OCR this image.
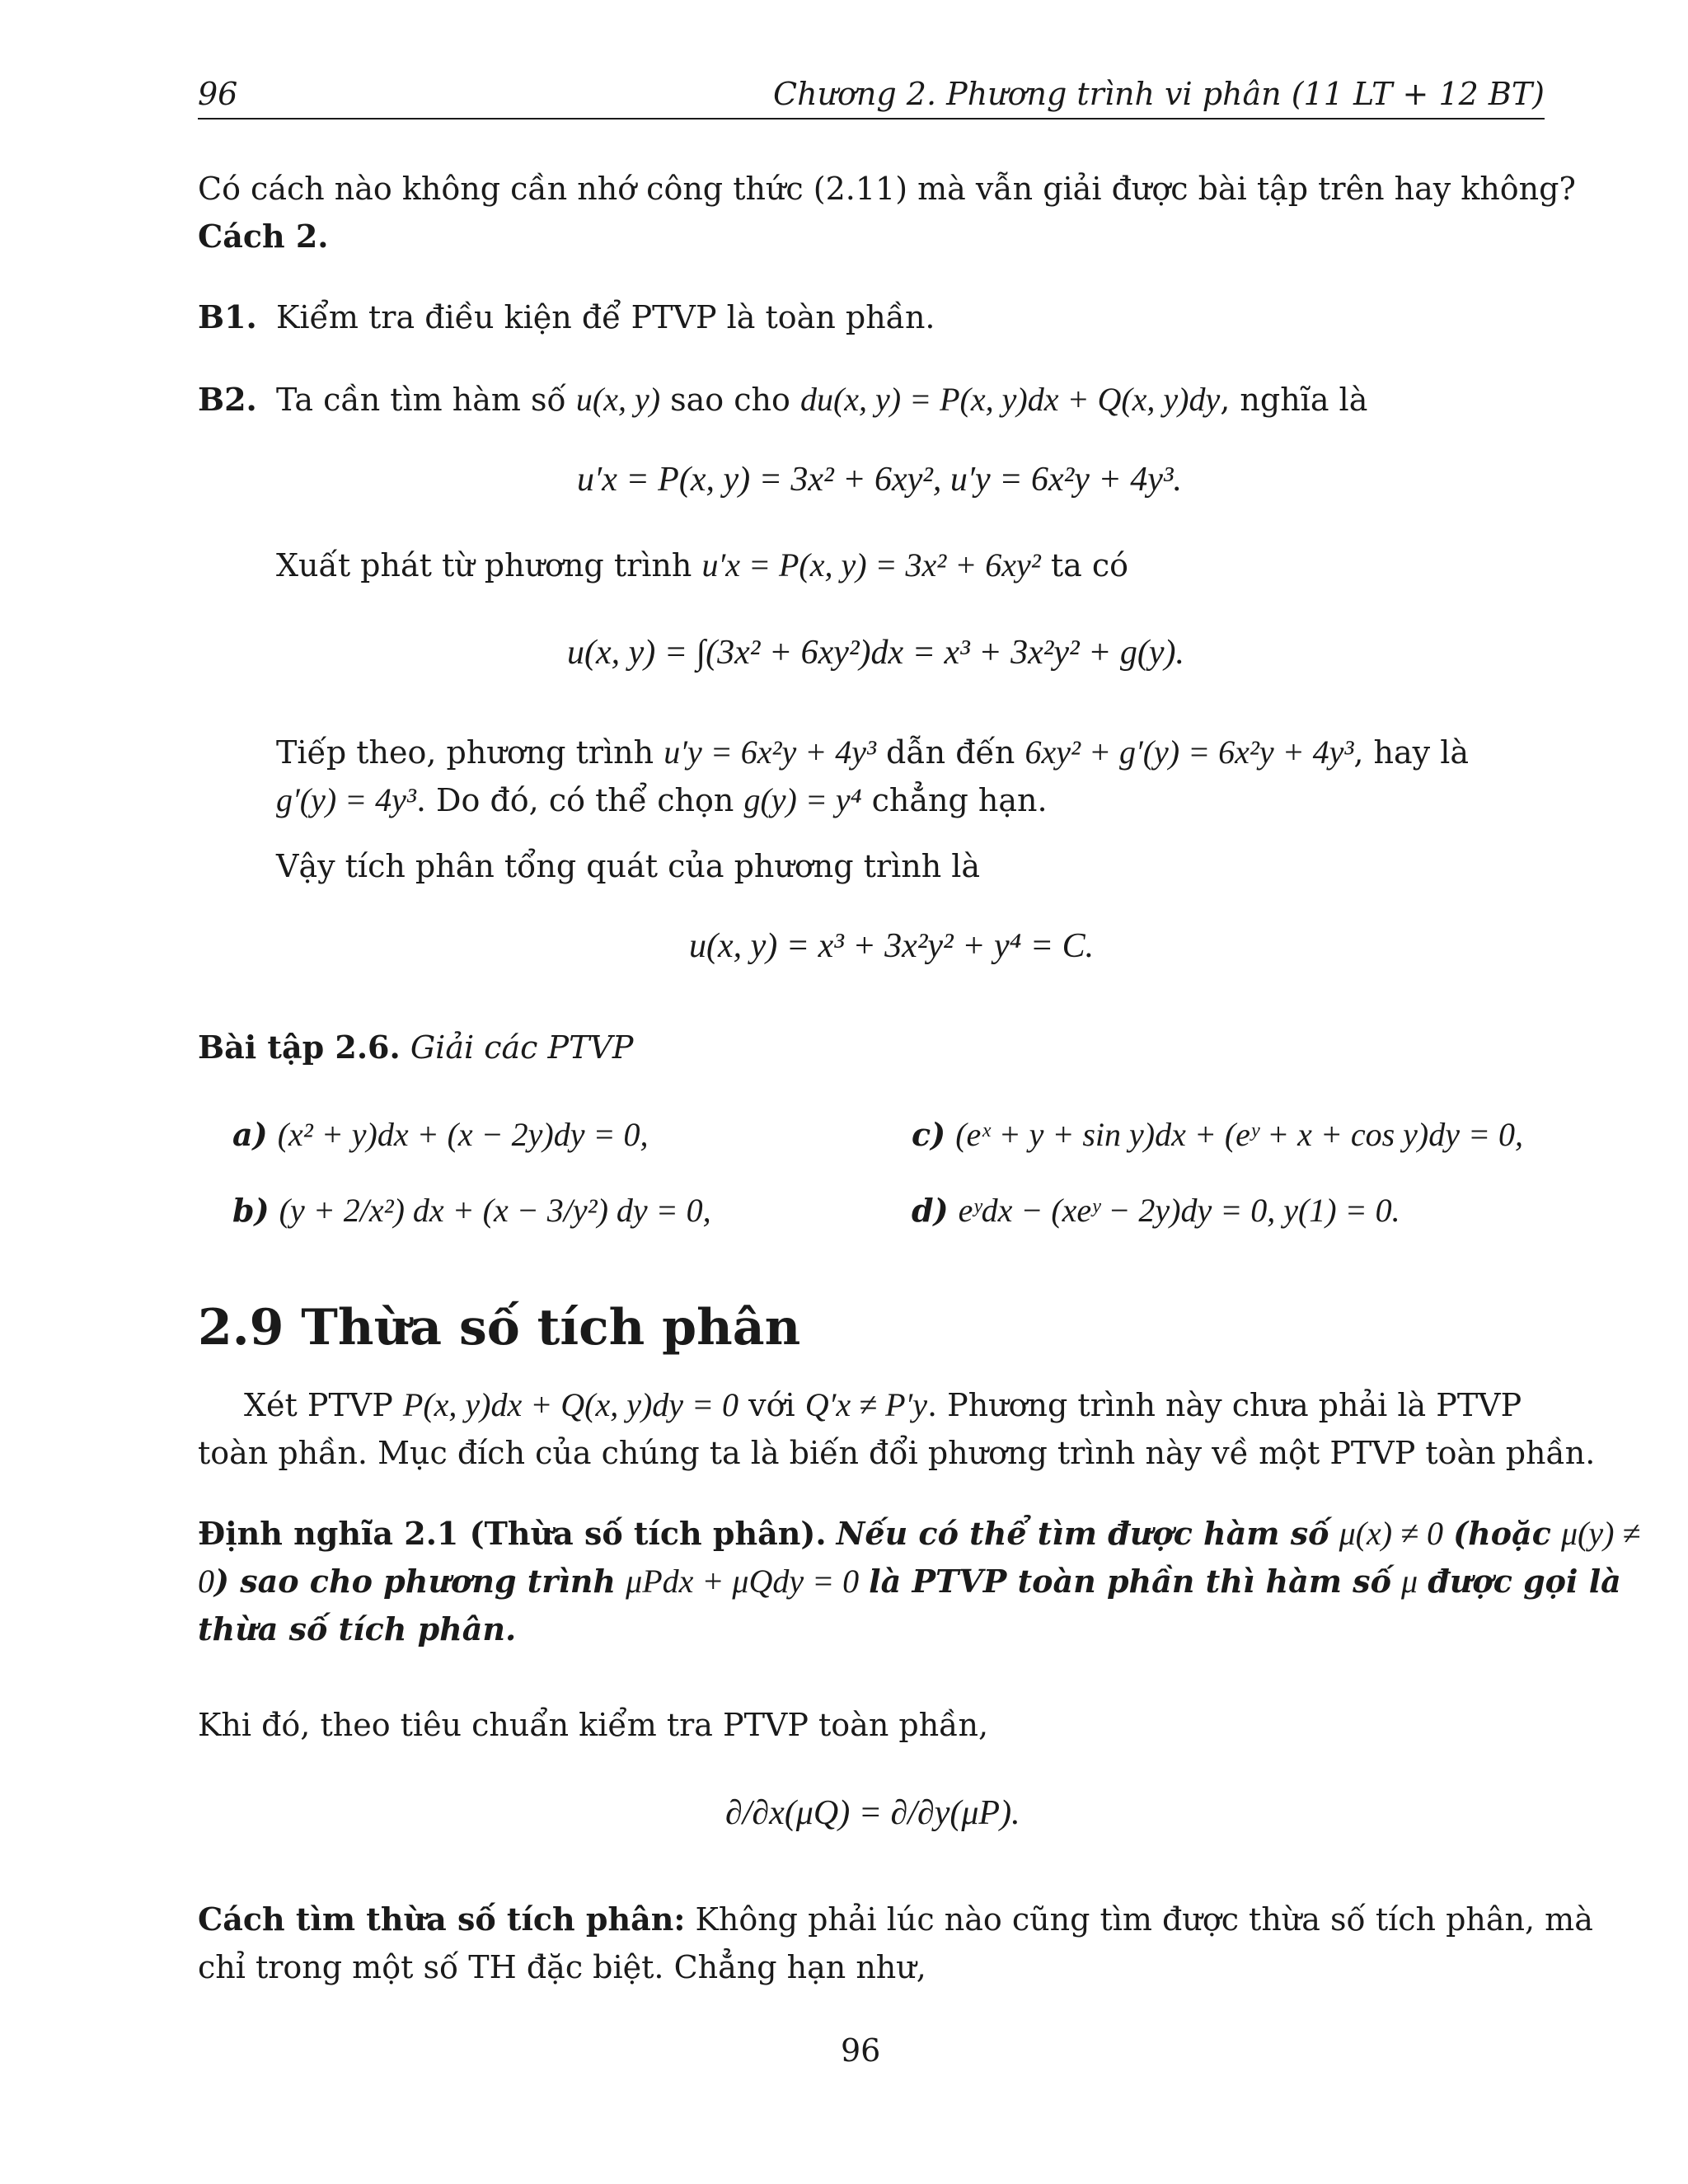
96	Chương 2. Phương trình vi phân (11 LT + 12 BT)
Có cách nào không cần nhớ công thức (2.11) mà vẫn giải được bài tập trên hay không?
Cách 2.
B1. Kiểm tra điều kiện để PTVP là toàn phần.
B2. Ta cần tìm hàm số u(x, y) sao cho du(x, y) = P(x, y)dx + Q(x, y)dy, nghĩa là
u′x = P(x, y) = 3x² + 6xy², u′y = 6x²y + 4y³.
Xuất phát từ phương trình u′x = P(x, y) = 3x² + 6xy² ta có
u(x, y) = ∫(3x² + 6xy²)dx = x³ + 3x²y² + g(y).
Tiếp theo, phương trình u′y = 6x²y + 4y³ dẫn đến 6xy² + g′(y) = 6x²y + 4y³, hay là
g′(y) = 4y³. Do đó, có thể chọn g(y) = y⁴ chẳng hạn.
Vậy tích phân tổng quát của phương trình là
u(x, y) = x³ + 3x²y² + y⁴ = C.
Bài tập 2.6. Giải các PTVP
a) (x² + y)dx + (x − 2y)dy = 0,
b) (y + 2/x²) dx + (x − 3/y²) dy = 0,
c) (eˣ + y + sin y)dx + (eʸ + x + cos y)dy = 0,
d) eʸdx − (xeʸ − 2y)dy = 0, y(1) = 0.
2.9 Thừa số tích phân
Xét PTVP P(x, y)dx + Q(x, y)dy = 0 với Q′x ≠ P′y. Phương trình này chưa phải là PTVP
toàn phần. Mục đích của chúng ta là biến đổi phương trình này về một PTVP toàn phần.
Định nghĩa 2.1 (Thừa số tích phân). Nếu có thể tìm được hàm số μ(x) ≠ 0 (hoặc μ(y) ≠
0) sao cho phương trình μPdx + μQdy = 0 là PTVP toàn phần thì hàm số μ được gọi là
thừa số tích phân.
Khi đó, theo tiêu chuẩn kiểm tra PTVP toàn phần,
∂/∂x(μQ) = ∂/∂y(μP).
Cách tìm thừa số tích phân: Không phải lúc nào cũng tìm được thừa số tích phân, mà
chỉ trong một số TH đặc biệt. Chẳng hạn như,
96
